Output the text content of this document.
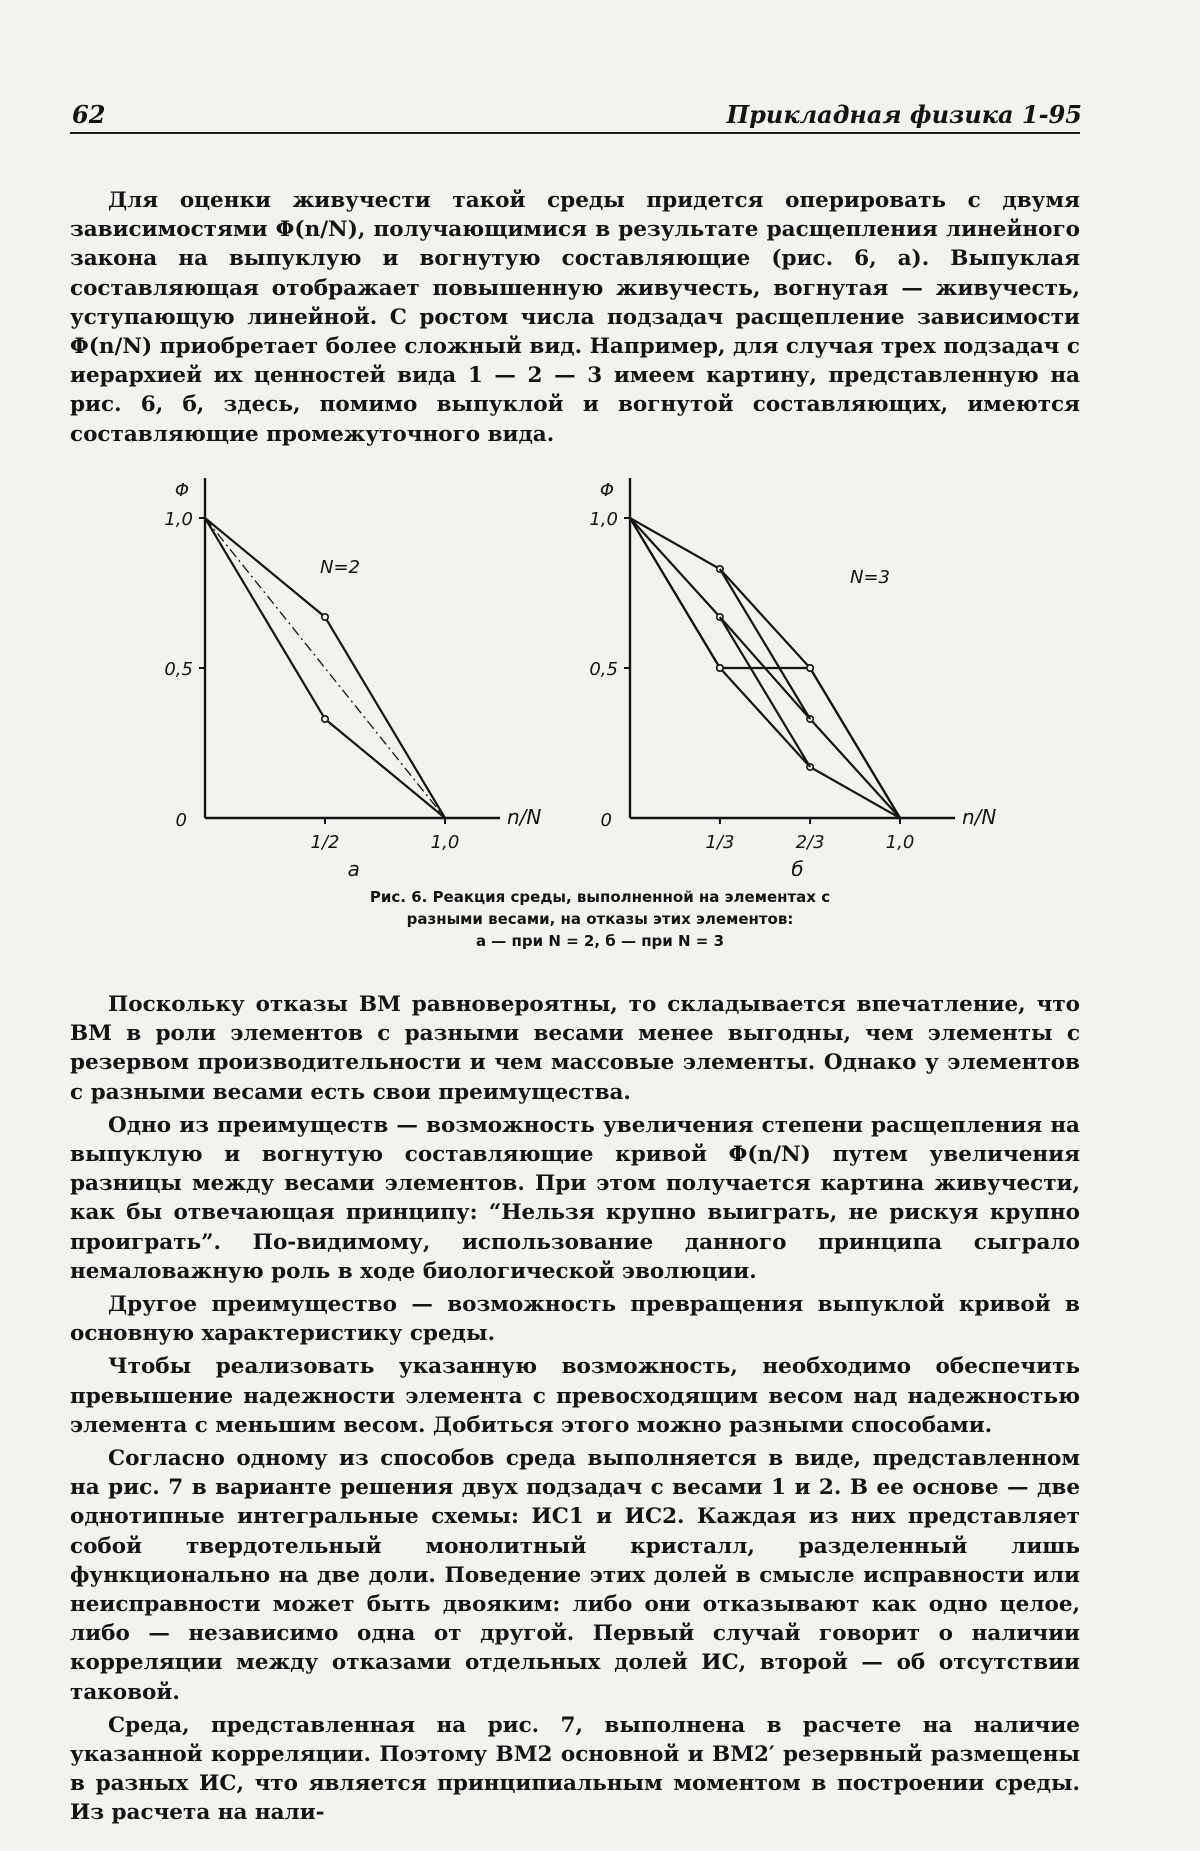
62	Прикладная физика 1-95

Для оценки живучести такой среды придется оперировать с двумя зависимостями Φ(n/N), получающимися в результате расщепления линейного закона на выпуклую и вогнутую составляющие (рис. 6, а). Выпуклая составляющая отображает повышенную живучесть, вогнутая — живучесть, уступающую линейной. С ростом числа подзадач расщепление зависимости Φ(n/N) приобретает более сложный вид. Например, для случая трех подзадач с иерархией их ценностей вида 1 — 2 — 3 имеем картину, представленную на рис. 6, б, здесь, помимо выпуклой и вогнутой составляющих, имеются составляющие промежуточного вида.

0,5
1,0
Φ
0
1/2	1,0
n/N
N=2
а
0,5
1,0
Φ
0
1/3	2/3	1,0
n/N
N=3
б
Рис. 6. Реакция среды, выполненной на элементах с
разными весами, на отказы этих элементов:
а — при N = 2, б — при N = 3

Поскольку отказы ВМ равновероятны, то складывается впечатление, что ВМ в роли элементов с разными весами менее выгодны, чем элементы с резервом производительности и чем массовые элементы. Однако у элементов с разными весами есть свои преимущества.

Одно из преимуществ — возможность увеличения степени расщепления на выпуклую и вогнутую составляющие кривой Φ(n/N) путем увеличения разницы между весами элементов. При этом получается картина живучести, как бы отвечающая принципу: “Нельзя крупно выиграть, не рискуя крупно проиграть”. По-видимому, использование данного принципа сыграло немаловажную роль в ходе биологической эволюции.

Другое преимущество — возможность превращения выпуклой кривой в основную характеристику среды.

Чтобы реализовать указанную возможность, необходимо обеспечить превышение надежности элемента с превосходящим весом над надежностью элемента с меньшим весом. Добиться этого можно разными способами.

Согласно одному из способов среда выполняется в виде, представленном на рис. 7 в варианте решения двух подзадач с весами 1 и 2. В ее основе — две однотипные интегральные схемы: ИС1 и ИС2. Каждая из них представляет собой твердотельный монолитный кристалл, разделенный лишь функционально на две доли. Поведение этих долей в смысле исправности или неисправности может быть двояким: либо они отказывают как одно целое, либо — независимо одна от другой. Первый случай говорит о наличии корреляции между отказами отдельных долей ИС, второй — об отсутствии таковой.

Среда, представленная на рис. 7, выполнена в расчете на наличие указанной корреляции. Поэтому ВМ2 основной и ВМ2′ резервный размещены в разных ИС, что является принципиальным моментом в построении среды. Из расчета на нали-
